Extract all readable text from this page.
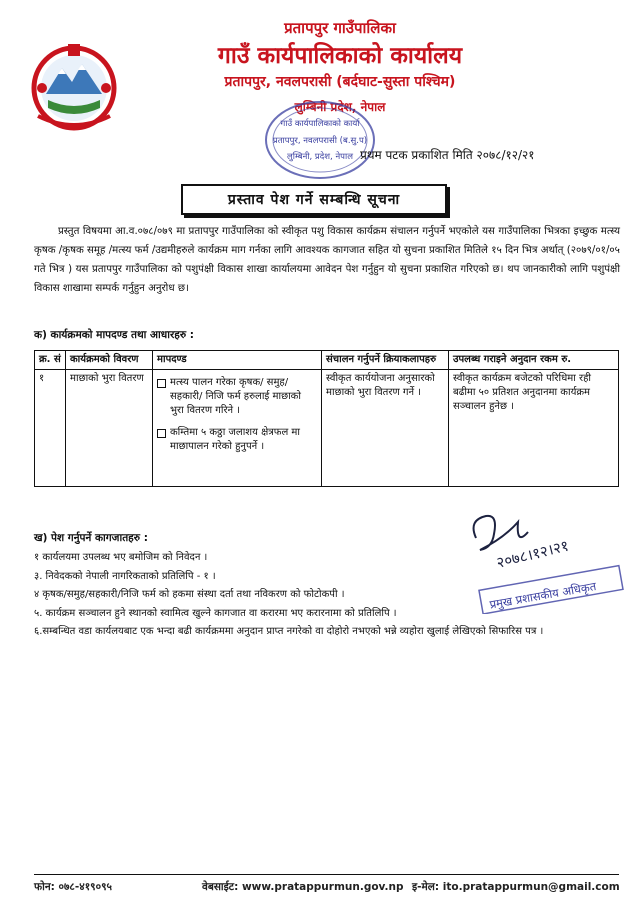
प्रतापपुर गाउँपालिका
गाउँ कार्यपालिकाको कार्यालय
प्रतापपुर, नवलपरासी (बर्दघाट-सुस्ता पश्चिम)
लुम्बिनी प्रदेश, नेपाल
गाउँ कार्यपालिकाको कार्या
प्रतापपुर, नवलपरासी (ब.सु.प)
लुम्बिनी, प्रदेश, नेपाल प्रथम पटक प्रकाशित मिति २०७८/१२/२१
प्रस्ताव पेश गर्ने सम्बन्धि सूचना
प्रस्तुत विषयमा आ.व.०७८/०७९ मा प्रतापपुर गाउँपालिका को स्वीकृत पशु विकास कार्यक्रम संचालन गर्नुपर्ने भएकोले यस गाउँपालिका भित्रका इच्छुक मत्स्य कृषक /कृषक समूह /मत्स्य फर्म /उद्यमीहरुले कार्यक्रम माग गर्नका लागि आवश्यक कागजात सहित यो सुचना प्रकाशित मितिले १५ दिन भित्र अर्थात् (२०७९/०१/०५ गते भित्र ) यस प्रतापपुर गाउँपालिका को पशुपंक्षी विकास शाखा कार्यालयमा आवेदन पेश गर्नुहुन यो सुचना प्रकाशित गरिएको छ। थप जानकारीको लागि पशुपंक्षी विकास शाखामा सम्पर्क गर्नुहुन अनुरोध छ।
क) कार्यक्रमको मापदण्ड तथा आधारहरु :
क्र. सं	कार्यक्रमको विवरण	मापदण्ड	संचालन गर्नुपर्ने क्रियाकलापहरु	उपलब्ध गराइने अनुदान रकम रु.
१	माछाको भुरा वितरण	मत्स्य पालन गरेका कृषक/ समुह/ सहकारी/ निजि फर्म हरुलाई माछाको भुरा वितरण गरिने ।
कम्तिमा ५ कठ्ठा जलाशय क्षेत्रफल मा माछापालन गरेको हुनुपर्ने ।	स्वीकृत कार्ययोजना अनुसारको माछाको भुरा वितरण गर्ने ।	स्वीकृत कार्यक्रम बजेटको परिधिमा रही बढीमा ५० प्रतिशत अनुदानमा कार्यक्रम सञ्चालन हुनेछ ।
ख) पेश गर्नुपर्ने कागजातहरु :
१ कार्यलयमा उपलब्ध भए बमोजिम को निवेदन ।
३. निवेदकको नेपाली नागरिकताको प्रतिलिपि - १ ।
४ कृषक/समुह/सहकारी/निजि फर्म को हकमा संस्था दर्ता तथा नविकरण को फोटोकपी ।
५. कार्यक्रम सञ्चालन हुने स्थानको स्वामित्व खुल्ने कागजात वा करारमा भए करारनामा को प्रतिलिपि ।
६.सम्बन्धित वडा कार्यलयबाट एक भन्दा बढी कार्यक्रममा अनुदान प्राप्त नगरेको वा दोहोरो नभएको भन्ने व्यहोरा खुलाई लेखिएको सिफारिस पत्र ।
२०७८।१२।२१
प्रमुख प्रशासकीय अधिकृत
फोन: ०७८-४१९०९५	वेबसाईट: www.pratappurmun.gov.np इ-मेल: ito.pratappurmun@gmail.com
